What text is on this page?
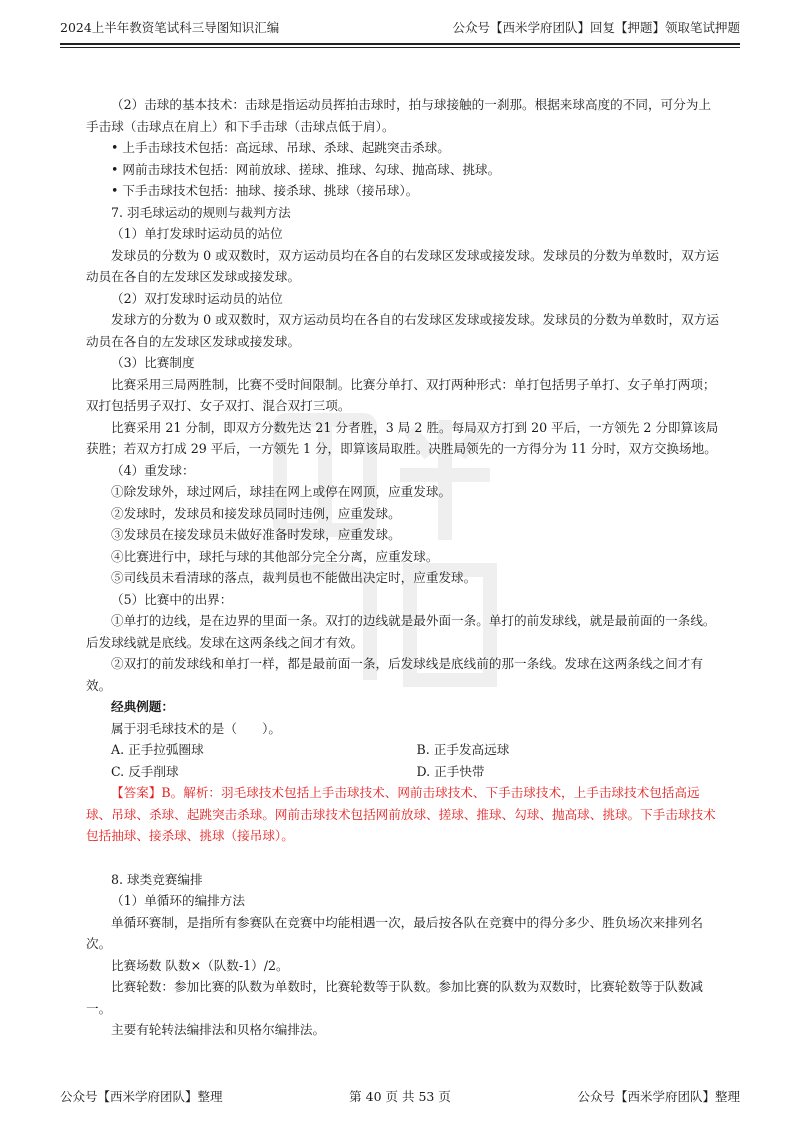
2024上半年教资笔试科三导图知识汇编	公众号【西米学府团队】回复【押题】领取笔试押题

（2）击球的基本技术：击球是指运动员挥拍击球时，拍与球接触的一刹那。根据来球高度的不同，可分为上手击球（击球点在肩上）和下手击球（击球点低于肩）。

• 上手击球技术包括：高远球、吊球、杀球、起跳突击杀球。

• 网前击球技术包括：网前放球、搓球、推球、勾球、抛高球、挑球。

• 下手击球技术包括：抽球、接杀球、挑球（接吊球）。

7. 羽毛球运动的规则与裁判方法

（1）单打发球时运动员的站位

发球员的分数为 0 或双数时，双方运动员均在各自的右发球区发球或接发球。发球员的分数为单数时，双方运动员在各自的左发球区发球或接发球。

（2）双打发球时运动员的站位

发球方的分数为 0 或双数时，双方运动员均在各自的右发球区发球或接发球。发球员的分数为单数时，双方运动员在各自的左发球区发球或接发球。

（3）比赛制度

比赛采用三局两胜制，比赛不受时间限制。比赛分单打、双打两种形式：单打包括男子单打、女子单打两项；双打包括男子双打、女子双打、混合双打三项。

比赛采用 21 分制，即双方分数先达 21 分者胜，3 局 2 胜。每局双方打到 20 平后，一方领先 2 分即算该局获胜；若双方打成 29 平后，一方领先 1 分，即算该局取胜。决胜局领先的一方得分为 11 分时，双方交换场地。

（4）重发球：

①除发球外，球过网后，球挂在网上或停在网顶，应重发球。

②发球时，发球员和接发球员同时违例，应重发球。

③发球员在接发球员未做好准备时发球，应重发球。

④比赛进行中，球托与球的其他部分完全分离，应重发球。

⑤司线员未看清球的落点，裁判员也不能做出决定时，应重发球。

（5）比赛中的出界：

①单打的边线，是在边界的里面一条。双打的边线就是最外面一条。单打的前发球线，就是最前面的一条线。后发球线就是底线。发球在这两条线之间才有效。

②双打的前发球线和单打一样，都是最前面一条，后发球线是底线前的那一条线。发球在这两条线之间才有效。

经典例题：

属于羽毛球技术的是（　　）。

A. 正手拉弧圈球	B. 正手发高远球
C. 反手削球	D. 正手快带

【答案】B。解析：羽毛球技术包括上手击球技术、网前击球技术、下手击球技术，上手击球技术包括高远球、吊球、杀球、起跳突击杀球。网前击球技术包括网前放球、搓球、推球、勾球、抛高球、挑球。下手击球技术包括抽球、接杀球、挑球（接吊球）。

8. 球类竞赛编排

（1）单循环的编排方法

单循环赛制，是指所有参赛队在竞赛中均能相遇一次，最后按各队在竞赛中的得分多少、胜负场次来排列名次。

比赛场数 队数×（队数-1）/2。

比赛轮数：参加比赛的队数为单数时，比赛轮数等于队数。参加比赛的队数为双数时，比赛轮数等于队数减一。

主要有轮转法编排法和贝格尔编排法。

公众号【西米学府团队】整理	第 40 页 共 53 页	公众号【西米学府团队】整理
